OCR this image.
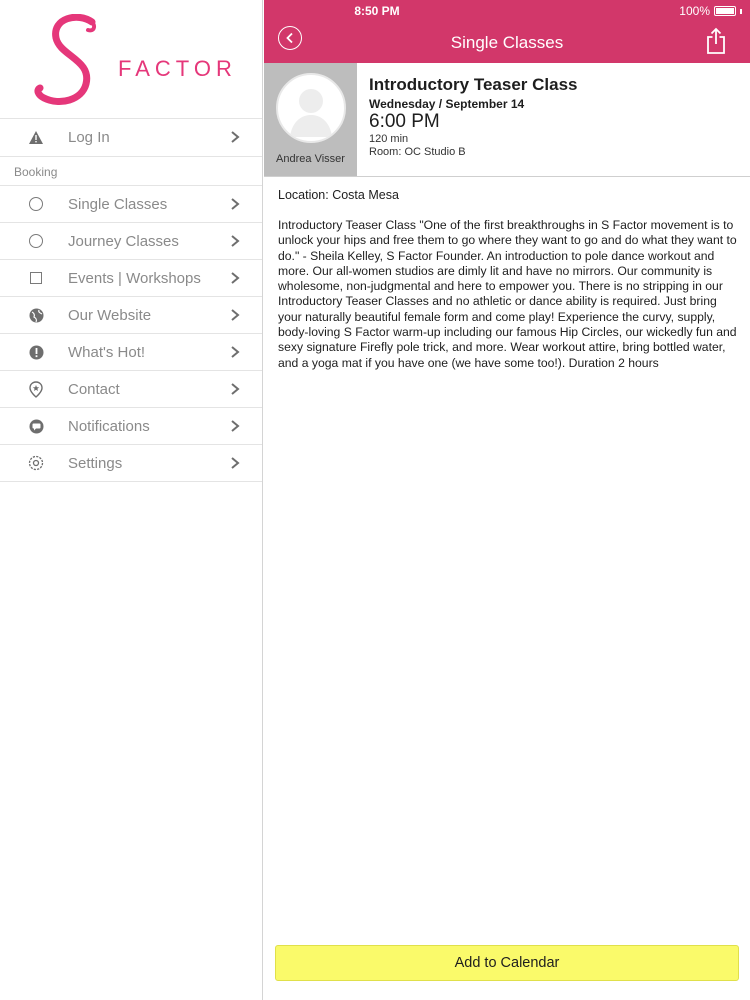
FACTOR
Log In
Booking
Single Classes
Journey Classes
Events | Workshops
Our Website
What's Hot!
Contact
Notifications
Settings
8:50 PM	100%
Single Classes
Andrea Visser
Introductory Teaser Class
Wednesday / September 14
6:00 PM
120 min
Room: OC Studio B
Location: Costa Mesa
Introductory Teaser Class "One of the first breakthroughs in S Factor movement is to unlock your hips and free them to go where they want to go and do what they want to do." - Sheila Kelley, S Factor Founder. An introduction to pole dance workout and more. Our all-women studios are dimly lit and have no mirrors. Our community is wholesome, non-judgmental and here to empower you. There is no stripping in our Introductory Teaser Classes and no athletic or dance ability is required. Just bring your naturally beautiful female form and come play! Experience the curvy, supply, body-loving S Factor warm-up including our famous Hip Circles, our wickedly fun and sexy signature Firefly pole trick, and more. Wear workout attire, bring bottled water, and a yoga mat if you have one (we have some too!). Duration 2 hours
Add to Calendar
